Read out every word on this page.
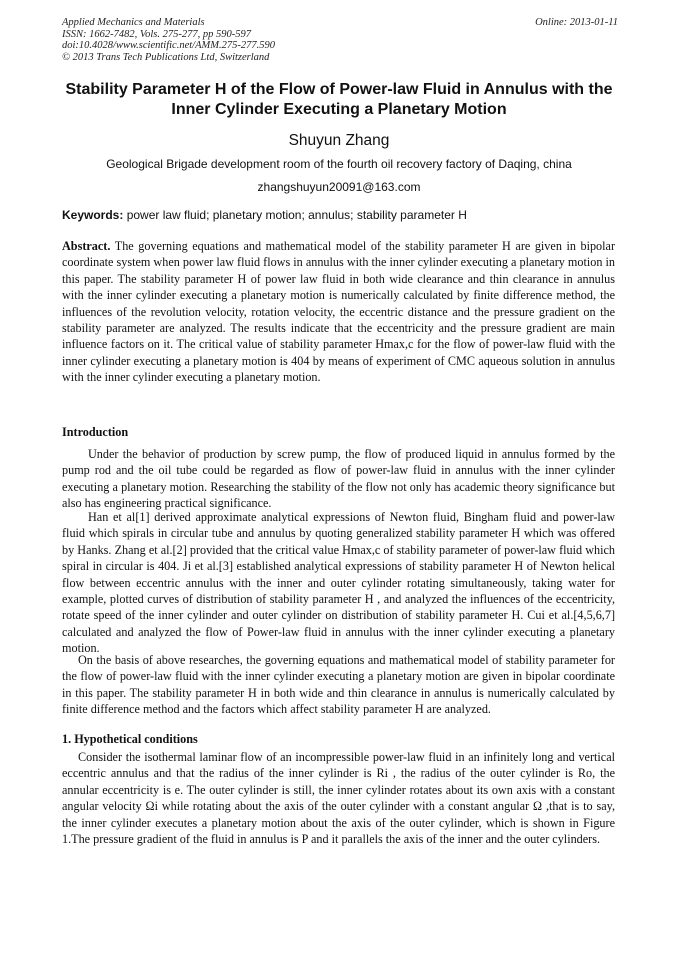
Applied Mechanics and Materials
ISSN: 1662-7482, Vols. 275-277, pp 590-597
doi:10.4028/www.scientific.net/AMM.275-277.590
© 2013 Trans Tech Publications Ltd, Switzerland
Online: 2013-01-11
Stability Parameter H of the Flow of Power-law Fluid in Annulus with the
Inner Cylinder Executing a Planetary Motion
Shuyun Zhang
Geological Brigade development room of the fourth oil recovery factory of Daqing, china
zhangshuyun20091@163.com
Keywords: power law fluid; planetary motion; annulus; stability parameter H
Abstract. The governing equations and mathematical model of the stability parameter H are given in bipolar coordinate system when power law fluid flows in annulus with the inner cylinder executing a planetary motion in this paper. The stability parameter H of power law fluid in both wide clearance and thin clearance in annulus with the inner cylinder executing a planetary motion is numerically calculated by finite difference method, the influences of the revolution velocity, rotation velocity, the eccentric distance and the pressure gradient on the stability parameter are analyzed. The results indicate that the eccentricity and the pressure gradient are main influence factors on it. The critical value of stability parameter Hmax,c for the flow of power-law fluid with the inner cylinder executing a planetary motion is 404 by means of experiment of CMC aqueous solution in annulus with the inner cylinder executing a planetary motion.
Introduction
Under the behavior of production by screw pump, the flow of produced liquid in annulus formed by the pump rod and the oil tube could be regarded as flow of power-law fluid in annulus with the inner cylinder executing a planetary motion. Researching the stability of the flow not only has academic theory significance but also has engineering practical significance.
Han et al[1] derived approximate analytical expressions of Newton fluid, Bingham fluid and power-law fluid which spirals in circular tube and annulus by quoting generalized stability parameter H which was offered by Hanks. Zhang et al.[2] provided that the critical value Hmax,c of stability parameter of power-law fluid which spiral in circular is 404. Ji et al.[3] established analytical expressions of stability parameter H of Newton helical flow between eccentric annulus with the inner and outer cylinder rotating simultaneously, taking water for example, plotted curves of distribution of stability parameter H , and analyzed the influences of the eccentricity, rotate speed of the inner cylinder and outer cylinder on distribution of stability parameter H. Cui et al.[4,5,6,7] calculated and analyzed the flow of Power-law fluid in annulus with the inner cylinder executing a planetary motion.
On the basis of above researches, the governing equations and mathematical model of stability parameter for the flow of power-law fluid with the inner cylinder executing a planetary motion are given in bipolar coordinate in this paper. The stability parameter H in both wide and thin clearance in annulus is numerically calculated by finite difference method and the factors which affect stability parameter H are analyzed.
1. Hypothetical conditions
Consider the isothermal laminar flow of an incompressible power-law fluid in an infinitely long and vertical eccentric annulus and that the radius of the inner cylinder is Ri , the radius of the outer cylinder is Ro, the annular eccentricity is e. The outer cylinder is still, the inner cylinder rotates about its own axis with a constant angular velocity Ωi while rotating about the axis of the outer cylinder with a constant angular Ω ,that is to say, the inner cylinder executes a planetary motion about the axis of the outer cylinder, which is shown in Figure 1.The pressure gradient of the fluid in annulus is P and it parallels the axis of the inner and the outer cylinders.
